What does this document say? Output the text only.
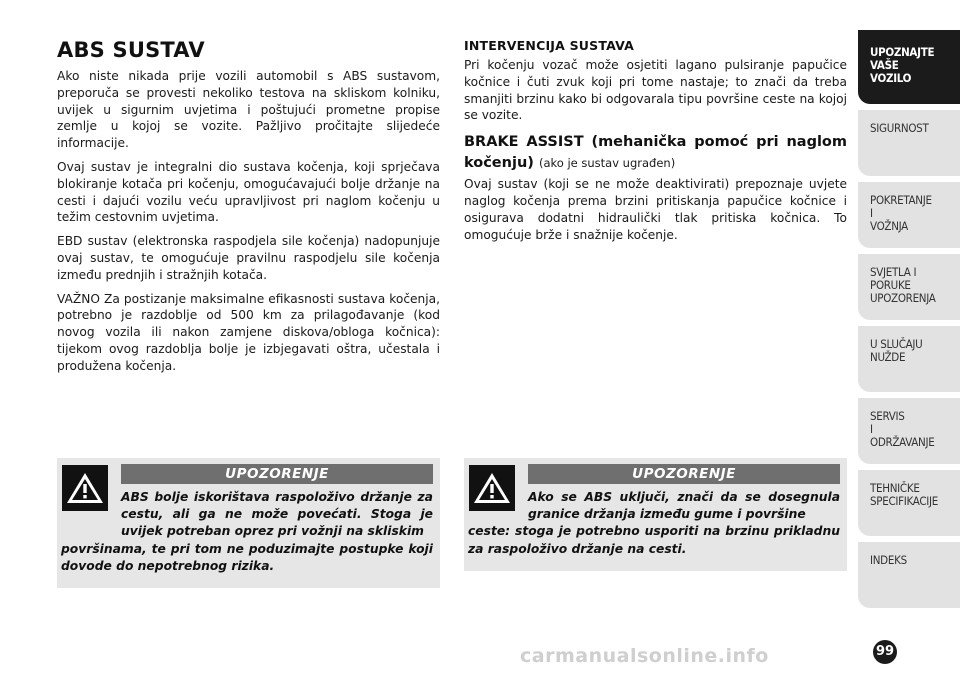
ABS SUSTAV

Ako niste nikada prije vozili automobil s ABS sustavom, preporuča se provesti nekoliko testova na skliskom kolniku, uvijek u sigurnim uvjetima i poštujući prometne propise zemlje u kojoj se vozite. Pažljivo pročitajte slijedeće informacije.

Ovaj sustav je integralni dio sustava kočenja, koji sprječava blokiranje kotača pri kočenju, omogućavajući bolje držanje na cesti i dajući vozilu veću upravljivost pri naglom kočenju u težim cestovnim uvjetima.

EBD sustav (elektronska raspodjela sile kočenja) nadopunjuje ovaj sustav, te omogućuje pravilnu raspodjelu sile kočenja između prednjih i stražnjih kotača.

VAŽNO Za postizanje maksimalne efikasnosti sustava kočenja, potrebno je razdoblje od 500 km za prilagođavanje (kod novog vozila ili nakon zamjene diskova/obloga kočnica): tijekom ovog razdoblja bolje je izbjegavati oštra, učestala i produžena kočenja.

INTERVENCIJA SUSTAVA

Pri kočenju vozač može osjetiti lagano pulsiranje papučice kočnice i čuti zvuk koji pri tome nastaje; to znači da treba smanjiti brzinu kako bi odgovarala tipu površine ceste na kojoj se vozite.

BRAKE ASSIST (mehanička pomoć pri naglom kočenju) (ako je sustav ugrađen)

Ovaj sustav (koji se ne može deaktivirati) prepoznaje uvjete naglog kočenja prema brzini pritiskanja papučice kočnice i osigurava dodatni hidraulički tlak pritiska kočnica. To omogućuje brže i snažnije kočenje.

UPOZORENJE
ABS bolje iskorištava raspoloživo držanje za cestu, ali ga ne može povećati. Stoga je uvijek potreban oprez pri vožnji na skliskim
površinama, te pri tom ne poduzimajte postupke koji dovode do nepotrebnog rizika.
UPOZORENJE
Ako se ABS uključi, znači da se dosegnula granice držanja između gume i površine
ceste: stoga je potrebno usporiti na brzinu prikladnu za raspoloživo držanje na cesti.
UPOZNAJTE
VAŠE
VOZILO
SIGURNOST
POKRETANJE
I
VOŽNJA
SVJETLA I
PORUKE
UPOZORENJA
U SLUČAJU
NUŽDE
SERVIS
I
ODRŽAVANJE
TEHNIČKE
SPECIFIKACIJE
INDEKS
carmanualsonline.info	99
